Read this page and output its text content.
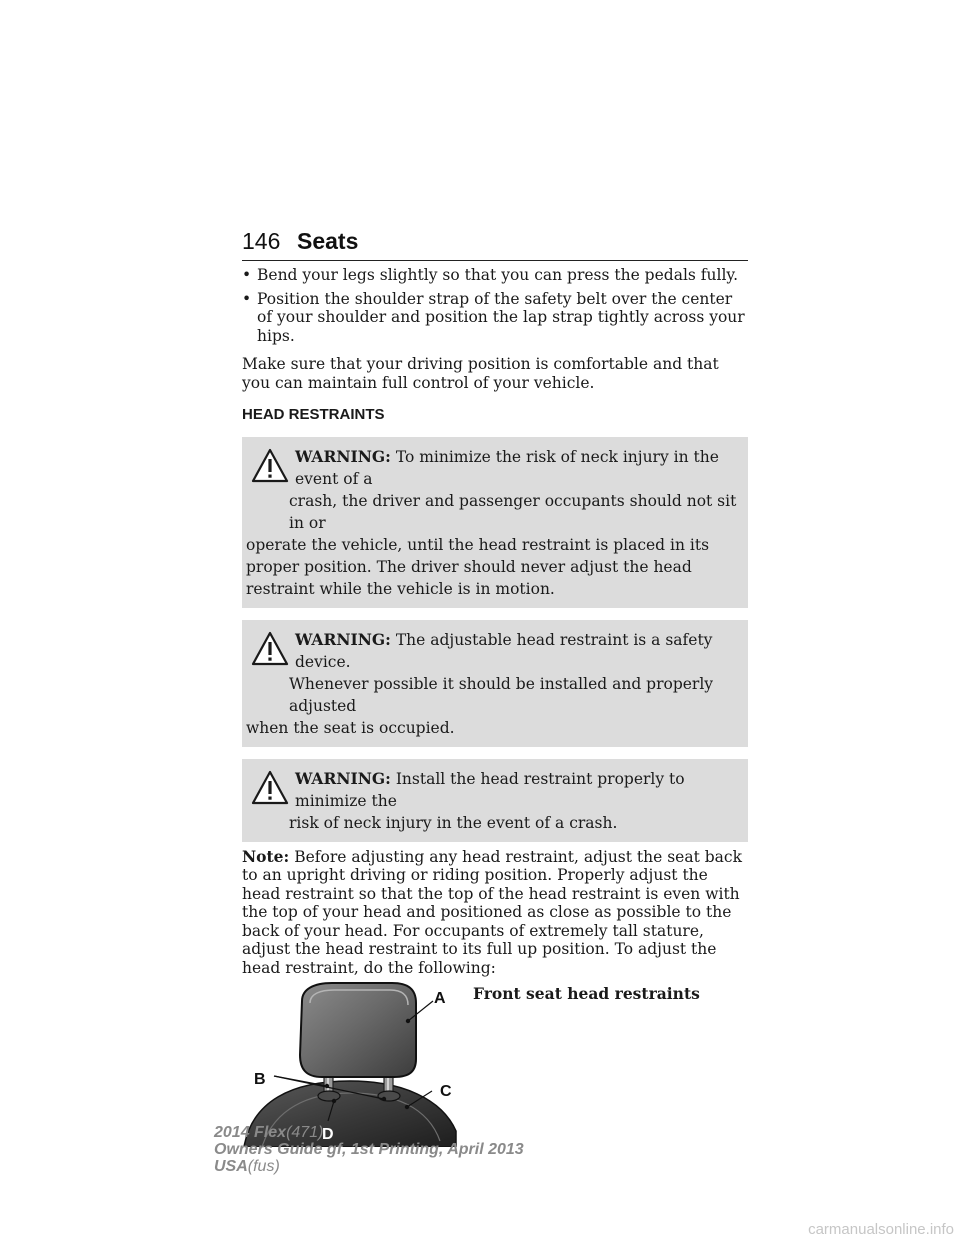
146 Seats
• Bend your legs slightly so that you can press the pedals fully.
• Position the shoulder strap of the safety belt over the center of your shoulder and position the lap strap tightly across your hips.

Make sure that your driving position is comfortable and that you can maintain full control of your vehicle.

HEAD RESTRAINTS
WARNING: To minimize the risk of neck injury in the event of a
crash, the driver and passenger occupants should not sit in or
operate the vehicle, until the head restraint is placed in its proper position. The driver should never adjust the head restraint while the vehicle is in motion.
WARNING: The adjustable head restraint is a safety device.
Whenever possible it should be installed and properly adjusted
when the seat is occupied.
WARNING: Install the head restraint properly to minimize the
risk of neck injury in the event of a crash.

Note: Before adjusting any head restraint, adjust the seat back to an upright driving or riding position. Properly adjust the head restraint so that the top of the head restraint is even with the top of your head and positioned as close as possible to the back of your head. For occupants of extremely tall stature, adjust the head restraint to its full up position. To adjust the head restraint, do the following:

A
B
C
D
Front seat head restraints
2014 Flex(471)
Owners Guide gf, 1st Printing, April 2013
USA(fus)
carmanualsonline.info
